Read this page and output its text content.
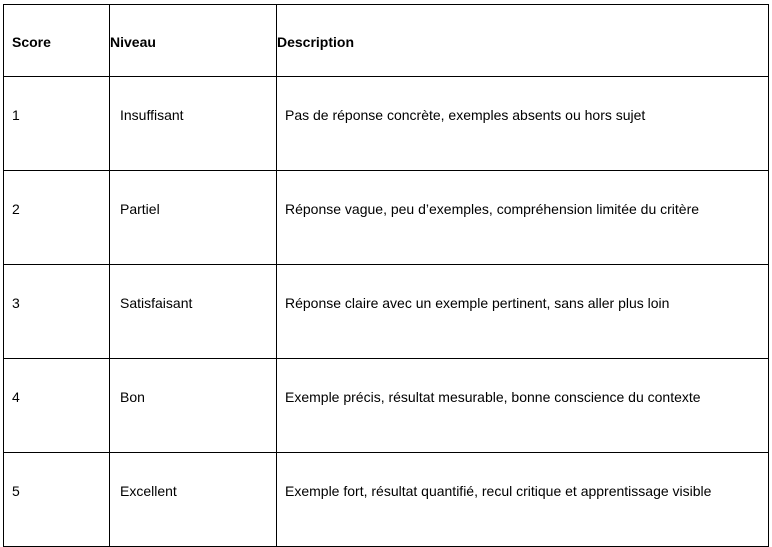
Score	Niveau	Description
1	Insuffisant	Pas de réponse concrète, exemples absents ou hors sujet
2	Partiel	Réponse vague, peu d’exemples, compréhension limitée du critère
3	Satisfaisant	Réponse claire avec un exemple pertinent, sans aller plus loin
4	Bon	Exemple précis, résultat mesurable, bonne conscience du contexte
5	Excellent	Exemple fort, résultat quantifié, recul critique et apprentissage visible
